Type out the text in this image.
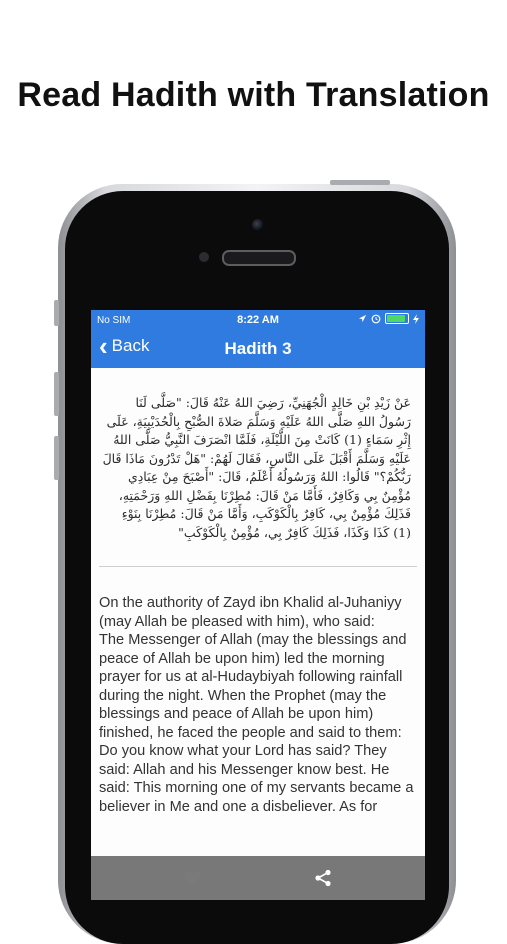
Read Hadith with Translation
No SIM	8:22 AM
‹ Back	Hadith 3
عَنْ زَيْدِ بْنِ خَالِدٍ الْجُهَنِيِّ، رَضِيَ اللهُ عَنْهُ قَالَ: "صَلَّى لَنَا رَسُولُ اللهِ صَلَّى اللهُ عَلَيْهِ وَسَلَّمَ صَلاةَ الصُّبْحِ بِالْحُدَيْبِيَةِ، عَلَى إِثْرِ سَمَاءٍ (1) كَانَتْ مِنَ اللَّيْلَةِ، فَلَمَّا انْصَرَفَ النَّبِيُّ صَلَّى اللهُ عَلَيْهِ وَسَلَّمَ أَقْبَلَ عَلَى النَّاسِ، فَقَالَ لَهُمْ: "هَلْ تَدْرُونَ مَاذَا قَالَ رَبُّكُمْ؟" قَالُوا: اللهُ وَرَسُولُهُ أَعْلَمُ، قَالَ: "أَصْبَحَ مِنْ عِبَادِي مُؤْمِنٌ بِي وَكَافِرٌ، فَأَمَّا مَنْ قَالَ: مُطِرْنَا بِفَضْلِ اللهِ وَرَحْمَتِهِ، فَذَلِكَ مُؤْمِنٌ بِي، كَافِرٌ بِالْكَوْكَبِ، وَأَمَّا مَنْ قَالَ: مُطِرْنَا بِنَوْءِ (1) كَذَا وَكَذَا، فَذَلِكَ كَافِرٌ بِي، مُؤْمِنٌ بِالْكَوْكَبِ"
On the authority of Zayd ibn Khalid al-Juhaniyy (may Allah be pleased with him), who said:
The Messenger of Allah (may the blessings and peace of Allah be upon him) led the morning prayer for us at al-Hudaybiyah following rainfall during the night. When the Prophet (may the blessings and peace of Allah be upon him) finished, he faced the people and said to them: Do you know what your Lord has said? They said: Allah and his Messenger know best. He said: This morning one of my servants became a believer in Me and one a disbeliever. As for
